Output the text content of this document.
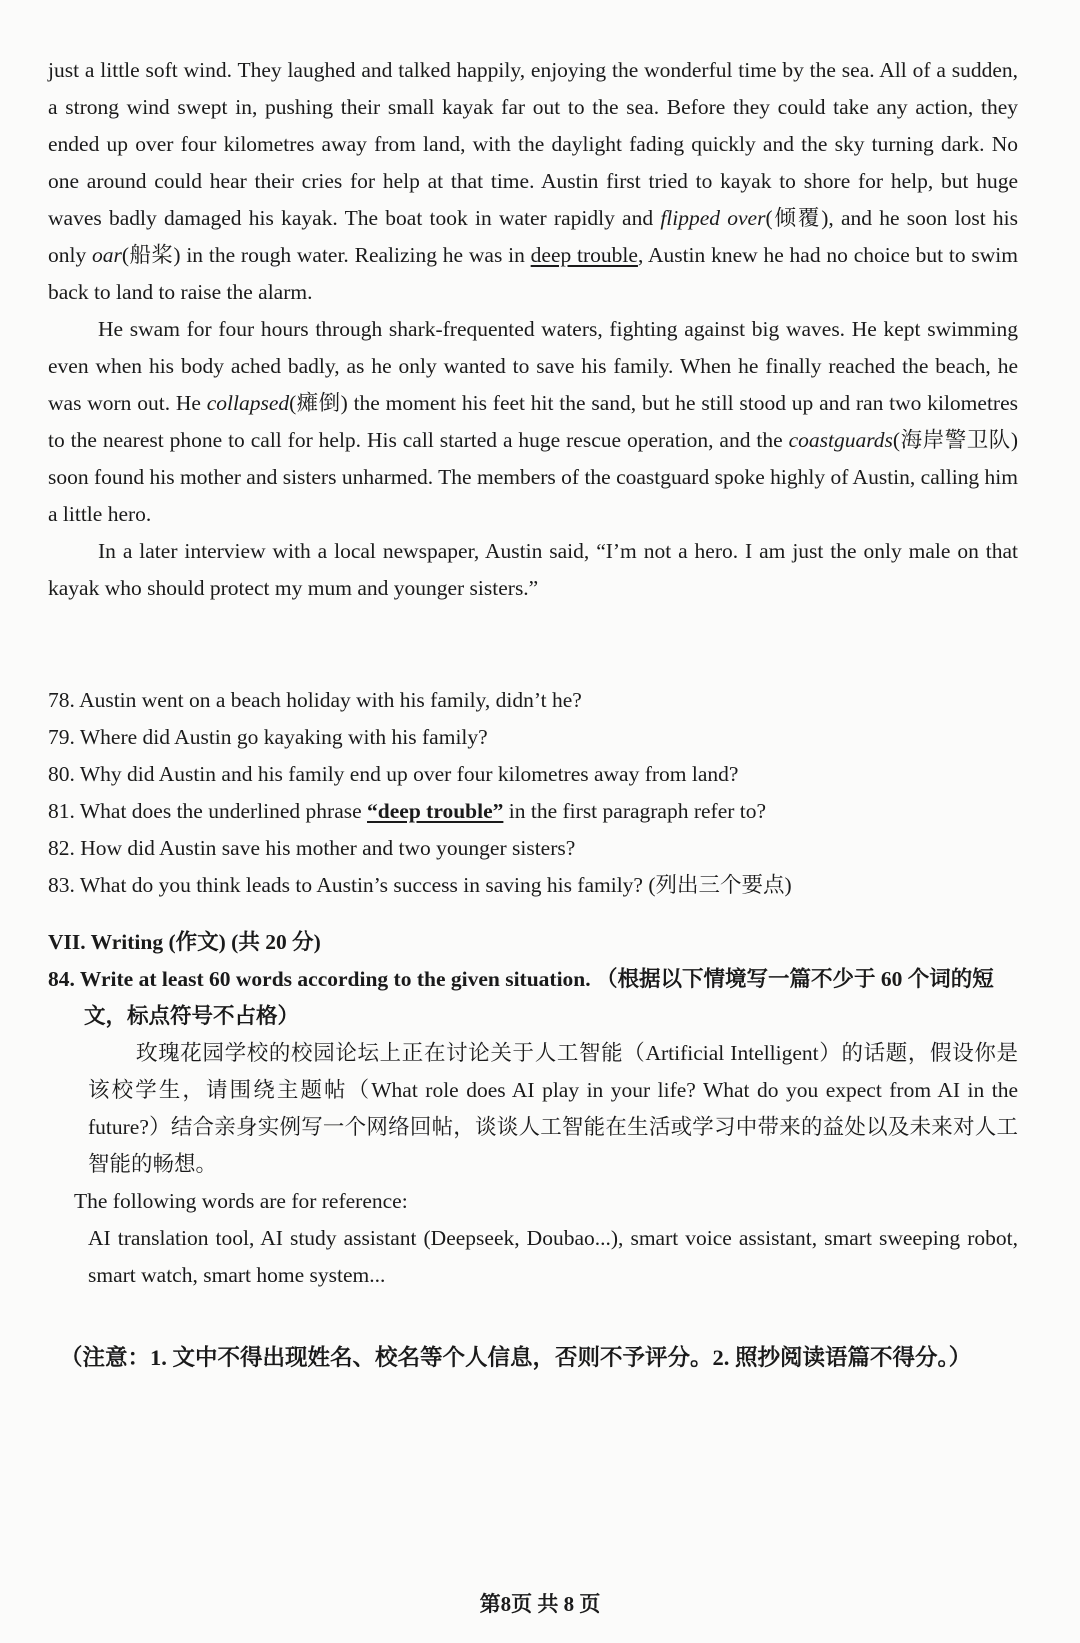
just a little soft wind. They laughed and talked happily, enjoying the wonderful time by the sea. All of a sudden, a strong wind swept in, pushing their small kayak far out to the sea. Before they could take any action, they ended up over four kilometres away from land, with the daylight fading quickly and the sky turning dark. No one around could hear their cries for help at that time. Austin first tried to kayak to shore for help, but huge waves badly damaged his kayak. The boat took in water rapidly and flipped over(倾覆), and he soon lost his only oar(船桨) in the rough water. Realizing he was in deep trouble, Austin knew he had no choice but to swim back to land to raise the alarm.

He swam for four hours through shark-frequented waters, fighting against big waves. He kept swimming even when his body ached badly, as he only wanted to save his family. When he finally reached the beach, he was worn out. He collapsed(瘫倒) the moment his feet hit the sand, but he still stood up and ran two kilometres to the nearest phone to call for help. His call started a huge rescue operation, and the coastguards(海岸警卫队) soon found his mother and sisters unharmed. The members of the coastguard spoke highly of Austin, calling him a little hero.

In a later interview with a local newspaper, Austin said, “I’m not a hero. I am just the only male on that kayak who should protect my mum and younger sisters.”

78. Austin went on a beach holiday with his family, didn’t he?
79. Where did Austin go kayaking with his family?
80. Why did Austin and his family end up over four kilometres away from land?
81. What does the underlined phrase “deep trouble” in the first paragraph refer to?
82. How did Austin save his mother and two younger sisters?
83. What do you think leads to Austin’s success in saving his family? (列出三个要点)
VII. Writing (作文) (共 20 分)
84. Write at least 60 words according to the given situation. （根据以下情境写一篇不少于 60 个词的短文，标点符号不占格）

玫瑰花园学校的校园论坛上正在讨论关于人工智能（Artificial Intelligent）的话题，假设你是该校学生，请围绕主题帖（What role does AI play in your life? What do you expect from AI in the future?）结合亲身实例写一个网络回帖，谈谈人工智能在生活或学习中带来的益处以及未来对人工智能的畅想。

The following words are for reference:
AI translation tool, AI study assistant (Deepseek, Doubao...), smart voice assistant, smart sweeping robot, smart watch, smart home system...
（注意：1. 文中不得出现姓名、校名等个人信息，否则不予评分。2. 照抄阅读语篇不得分。）
第8页 共 8 页
